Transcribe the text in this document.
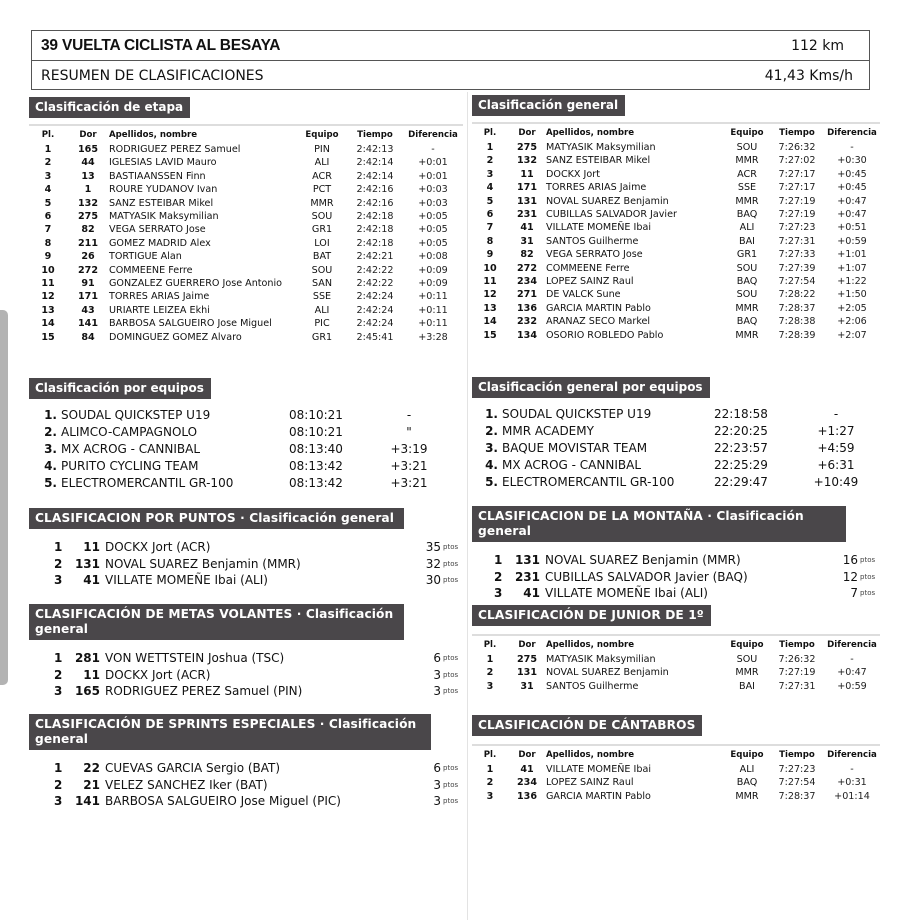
39 VUELTA CICLISTA AL BESAYA	112 km
RESUMEN DE CLASIFICACIONES	41,43 Kms/h
Clasificación de etapa
Pl.	Dor	Apellidos, nombre	Equipo	Tiempo	Diferencia
1	165	RODRIGUEZ PEREZ Samuel	PIN	2:42:13	-
2	44	IGLESIAS LAVID Mauro	ALI	2:42:14	+0:01
3	13	BASTIAANSSEN Finn	ACR	2:42:14	+0:01
4	1	ROURE YUDANOV Ivan	PCT	2:42:16	+0:03
5	132	SANZ ESTEIBAR Mikel	MMR	2:42:16	+0:03
6	275	MATYASIK Maksymilian	SOU	2:42:18	+0:05
7	82	VEGA SERRATO Jose	GR1	2:42:18	+0:05
8	211	GOMEZ MADRID Alex	LOI	2:42:18	+0:05
9	26	TORTIGUE Alan	BAT	2:42:21	+0:08
10	272	COMMEENE Ferre	SOU	2:42:22	+0:09
11	91	GONZALEZ GUERRERO Jose Antonio	SAN	2:42:22	+0:09
12	171	TORRES ARIAS Jaime	SSE	2:42:24	+0:11
13	43	URIARTE LEIZEA Ekhi	ALI	2:42:24	+0:11
14	141	BARBOSA SALGUEIRO Jose Miguel	PIC	2:42:24	+0:11
15	84	DOMINGUEZ GOMEZ Alvaro	GR1	2:45:41	+3:28
Clasificación general
Pl.	Dor	Apellidos, nombre	Equipo	Tiempo	Diferencia
1	275	MATYASIK Maksymilian	SOU	7:26:32	-
2	132	SANZ ESTEIBAR Mikel	MMR	7:27:02	+0:30
3	11	DOCKX Jort	ACR	7:27:17	+0:45
4	171	TORRES ARIAS Jaime	SSE	7:27:17	+0:45
5	131	NOVAL SUAREZ Benjamin	MMR	7:27:19	+0:47
6	231	CUBILLAS SALVADOR Javier	BAQ	7:27:19	+0:47
7	41	VILLATE MOMEÑE Ibai	ALI	7:27:23	+0:51
8	31	SANTOS Guilherme	BAI	7:27:31	+0:59
9	82	VEGA SERRATO Jose	GR1	7:27:33	+1:01
10	272	COMMEENE Ferre	SOU	7:27:39	+1:07
11	234	LOPEZ SAINZ Raul	BAQ	7:27:54	+1:22
12	271	DE VALCK Sune	SOU	7:28:22	+1:50
13	136	GARCIA MARTIN Pablo	MMR	7:28:37	+2:05
14	232	ARANAZ SECO Markel	BAQ	7:28:38	+2:06
15	134	OSORIO ROBLEDO Pablo	MMR	7:28:39	+2:07
Clasificación por equipos
1. SOUDAL QUICKSTEP U19	08:10:21	-
2. ALIMCO-CAMPAGNOLO	08:10:21	"
3. MX ACROG - CANNIBAL	08:13:40	+3:19
4. PURITO CYCLING TEAM	08:13:42	+3:21
5. ELECTROMERCANTIL GR-100	08:13:42	+3:21
Clasificación general por equipos
1. SOUDAL QUICKSTEP U19	22:18:58	-
2. MMR ACADEMY	22:20:25	+1:27
3. BAQUE MOVISTAR TEAM	22:23:57	+4:59
4. MX ACROG - CANNIBAL	22:25:29	+6:31
5. ELECTROMERCANTIL GR-100	22:29:47	+10:49
CLASIFICACION POR PUNTOS · Clasificación general
1	11 DOCKX Jort (ACR)	35 ptos
2	131 NOVAL SUAREZ Benjamin (MMR)	32 ptos
3	41 VILLATE MOMEÑE Ibai (ALI)	30 ptos
CLASIFICACION DE LA MONTAÑA · Clasificación general
1	131 NOVAL SUAREZ Benjamin (MMR)	16 ptos
2	231 CUBILLAS SALVADOR Javier (BAQ)	12 ptos
3	41 VILLATE MOMEÑE Ibai (ALI)	7 ptos
CLASIFICACIÓN DE METAS VOLANTES · Clasificación general
1	281 VON WETTSTEIN Joshua (TSC)	6 ptos
2	11 DOCKX Jort (ACR)	3 ptos
3	165 RODRIGUEZ PEREZ Samuel (PIN)	3 ptos
CLASIFICACIÓN DE JUNIOR DE 1º
Pl.	Dor	Apellidos, nombre	Equipo	Tiempo	Diferencia
1	275	MATYASIK Maksymilian	SOU	7:26:32	-
2	131	NOVAL SUAREZ Benjamin	MMR	7:27:19	+0:47
3	31	SANTOS Guilherme	BAI	7:27:31	+0:59
CLASIFICACIÓN DE SPRINTS ESPECIALES · Clasificación general
1	22 CUEVAS GARCIA Sergio (BAT)	6 ptos
2	21 VELEZ SANCHEZ Iker (BAT)	3 ptos
3	141 BARBOSA SALGUEIRO Jose Miguel (PIC)	3 ptos
CLASIFICACIÓN DE CÁNTABROS
Pl.	Dor	Apellidos, nombre	Equipo	Tiempo	Diferencia
1	41	VILLATE MOMEÑE Ibai	ALI	7:27:23	-
2	234	LOPEZ SAINZ Raul	BAQ	7:27:54	+0:31
3	136	GARCIA MARTIN Pablo	MMR	7:28:37	+01:14
